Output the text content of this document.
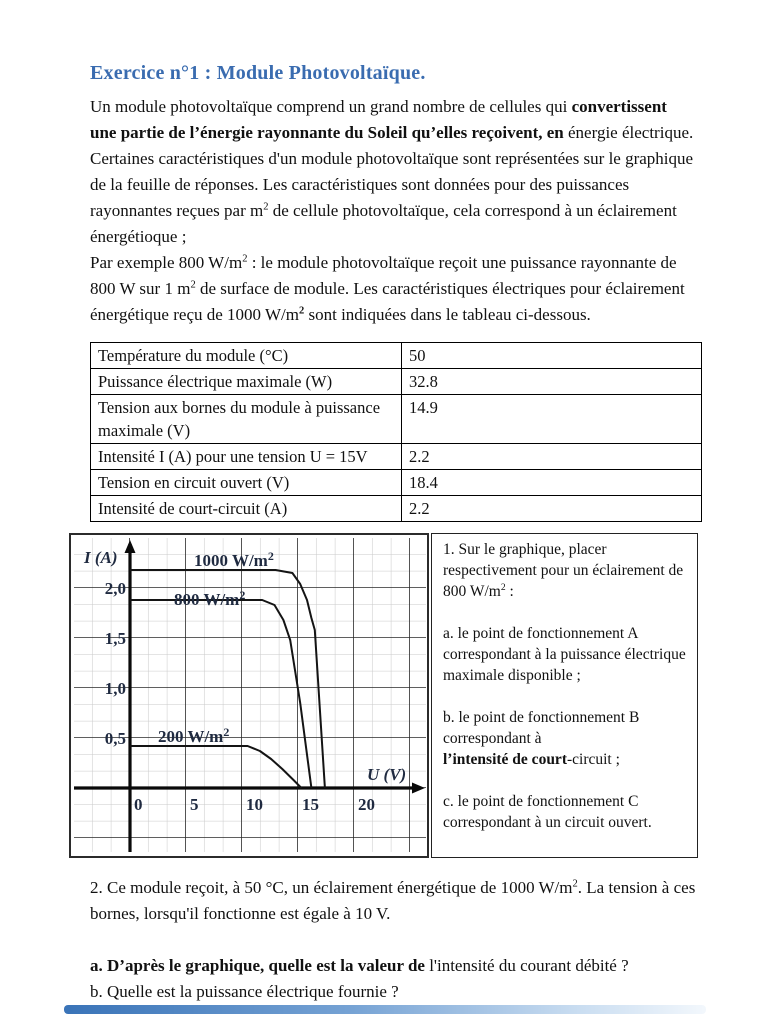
Exercice n°1 : Module Photovoltaïque.
Un module photovoltaïque comprend un grand nombre de cellules qui convertissent une partie de l’énergie rayonnante du Soleil qu’elles reçoivent, en énergie électrique. Certaines caractéristiques d'un module photovoltaïque sont représentées sur le graphique de la feuille de réponses. Les caractéristiques sont données pour des puissances rayonnantes reçues par $m^2$ de cellule photovoltaïque, cela correspond à un éclairement énergétioque ;
Par exemple 800 $W/m^2$ : le module photovoltaïque reçoit une puissance rayonnante de 800 W sur 1 $m^2$ de surface de module. Les caractéristiques électriques pour éclairement énergétique reçu de 1000 $W/m^2$ sont indiquées dans le tableau ci-dessous.
Température du module (°C)	50
Puissance électrique maximale (W)	32.8
Tension aux bornes du module à puissance maximale (V)	14.9
Intensité I (A) pour une tension U = 15V	2.2
Tension en circuit ouvert (V)	18.4
Intensité de court-circuit (A)	2.2
1000 $W/m^2$
800 $W/m^2$
200 $W/m^2$
0	5	10 15 20
2,0
1,5
1,0
0,5
I (A)
U (V)
1. Sur le graphique, placer respectivement pour un éclairement de 800 $W/m^2$ :

a. le point de fonctionnement A correspondant à la puissance électrique maximale disponible ;

b. le point de fonctionnement B correspondant à
l’intensité de court-circuit ;

c. le point de fonctionnement C correspondant à un circuit ouvert.
2. Ce module reçoit, à 50 °C, un éclairement énergétique de 1000 $W/m^2$. La tension à ces bornes, lorsqu'il fonctionne est égale à 10 V.

a. D’après le graphique, quelle est la valeur de l'intensité du courant débité ?
b. Quelle est la puissance électrique fournie ?
